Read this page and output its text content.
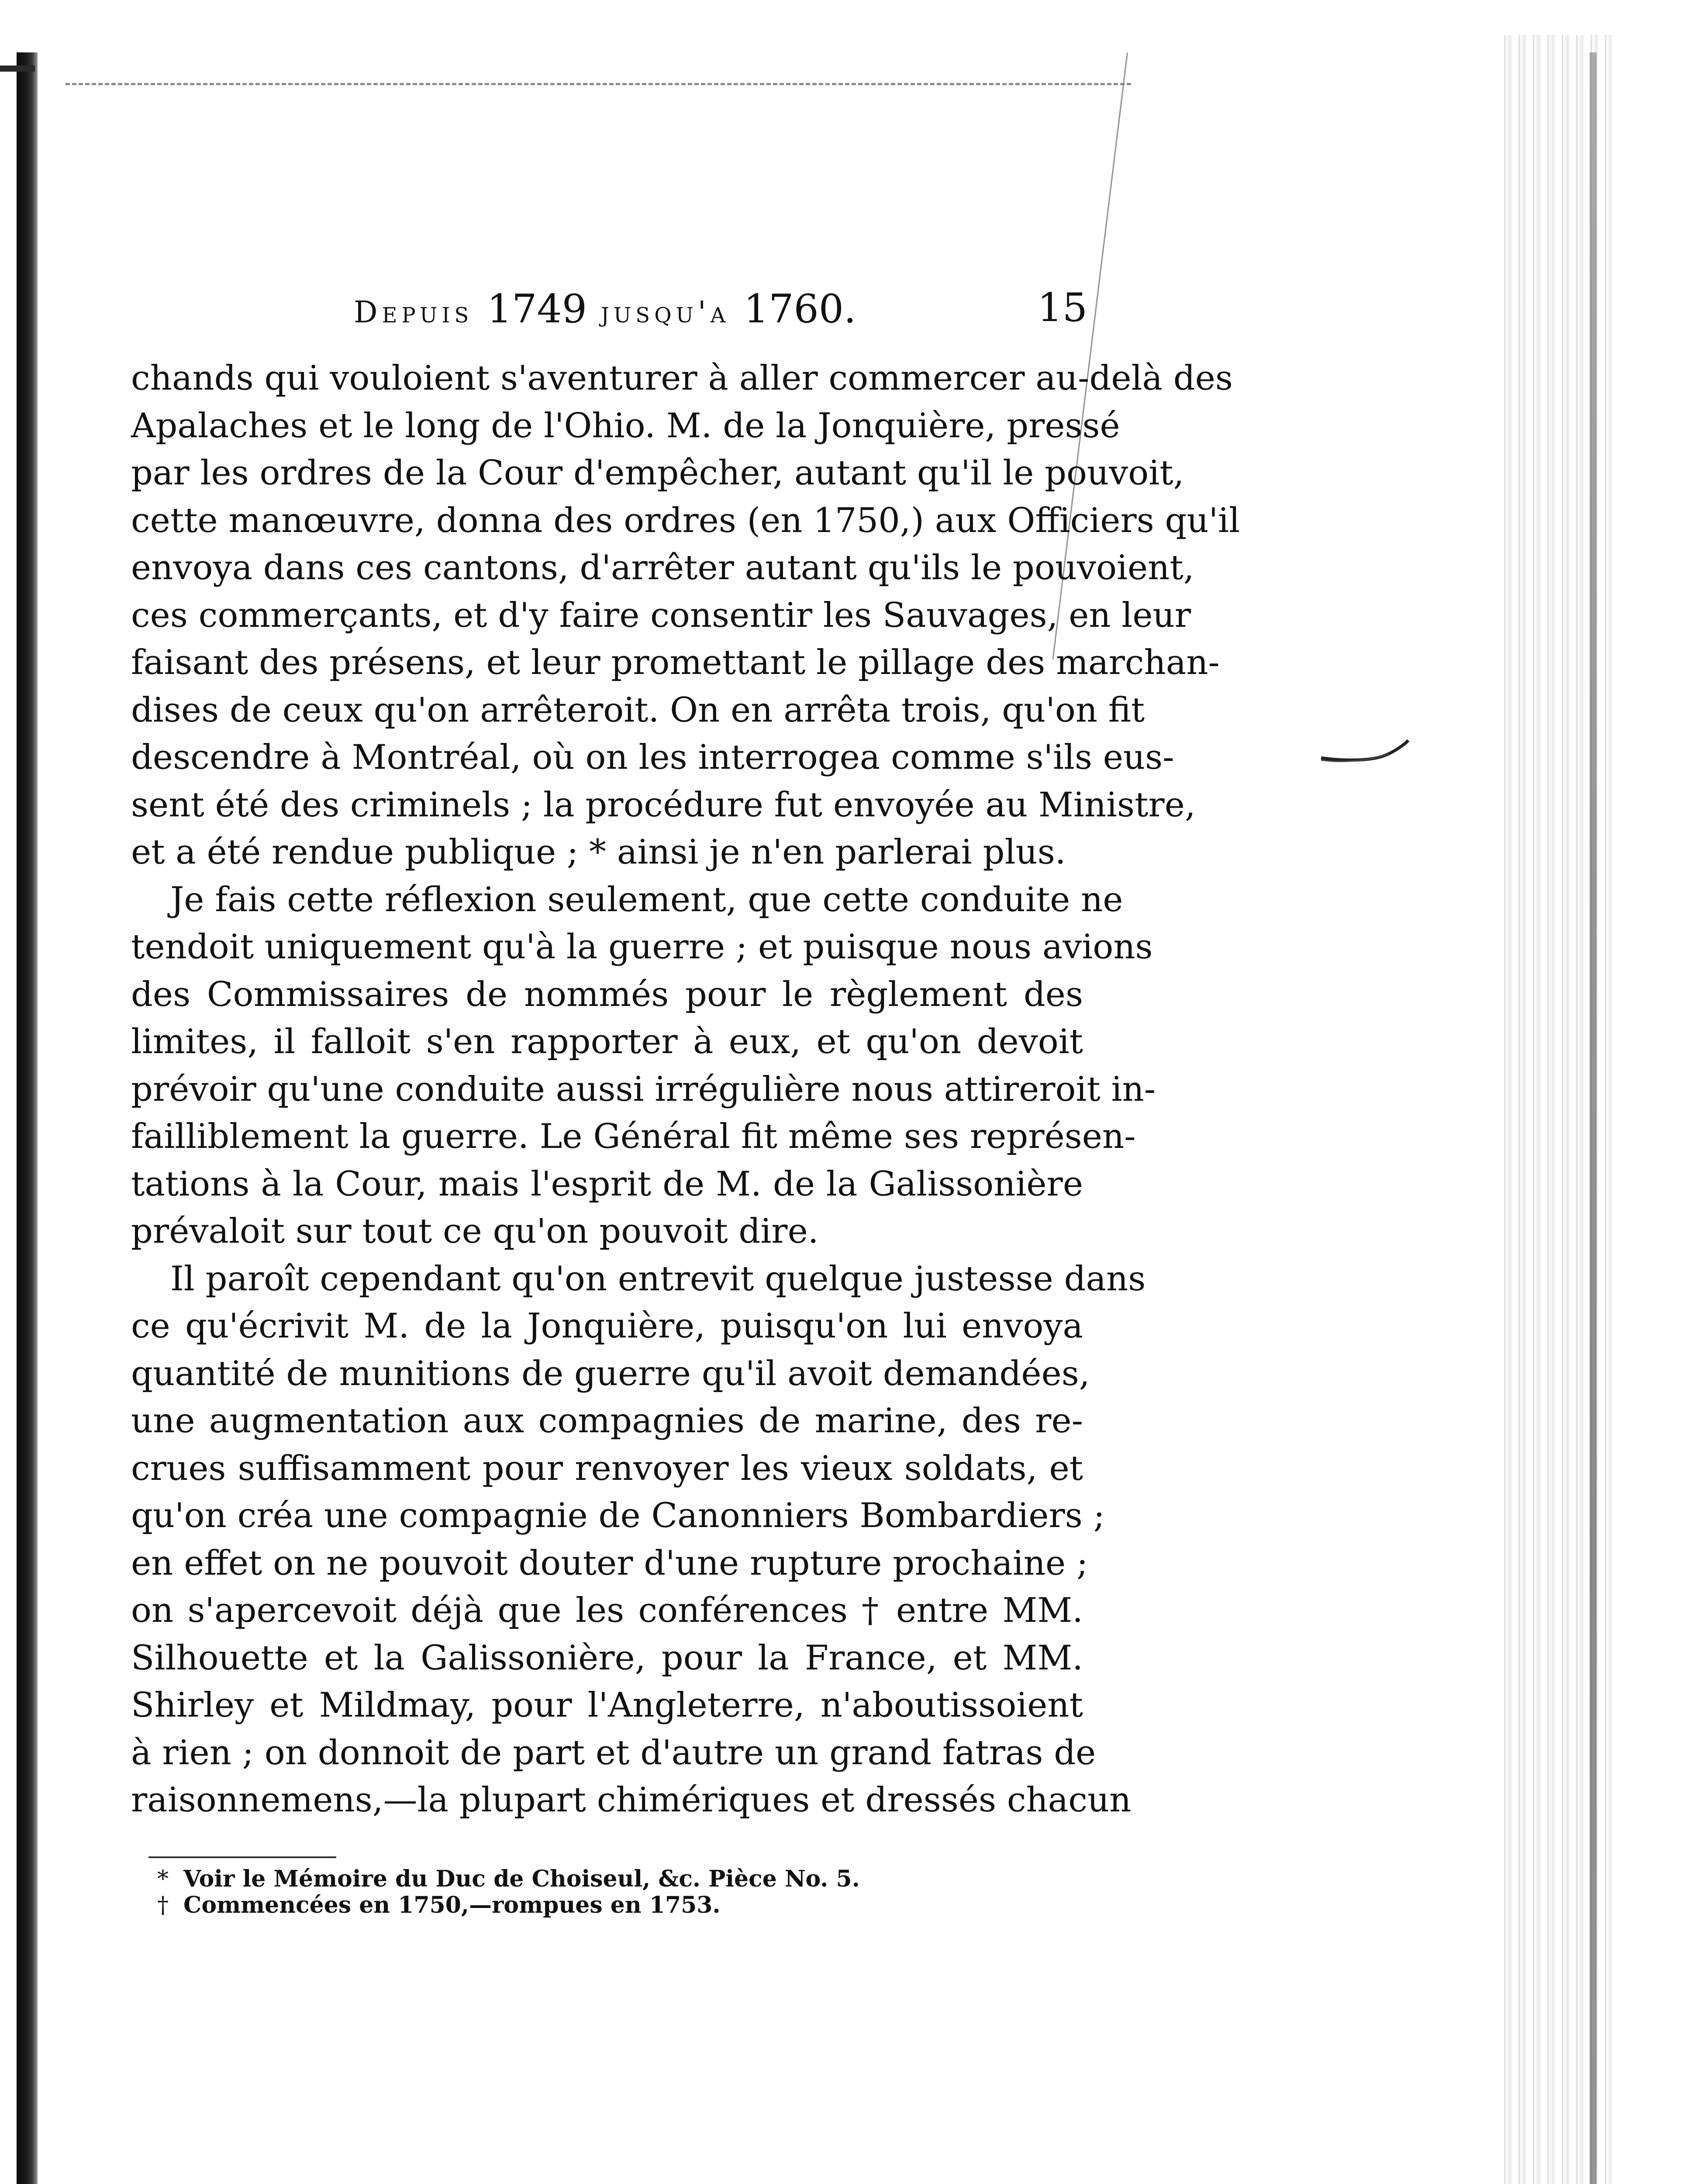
Depuis 1749 jusqu'a 1760.	15
chands qui vouloient s'aventurer à aller commercer au-delà des
Apalaches et le long de l'Ohio. M. de la Jonquière, pressé
par les ordres de la Cour d'empêcher, autant qu'il le pouvoit,
cette manœuvre, donna des ordres (en 1750,) aux Officiers qu'il
envoya dans ces cantons, d'arrêter autant qu'ils le pouvoient,
ces commerçants, et d'y faire consentir les Sauvages, en leur
faisant des présens, et leur promettant le pillage des marchan-
dises de ceux qu'on arrêteroit. On en arrêta trois, qu'on fit
descendre à Montréal, où on les interrogea comme s'ils eus-
sent été des criminels ; la procédure fut envoyée au Ministre,
et a été rendue publique ; * ainsi je n'en parlerai plus.
Je fais cette réflexion seulement, que cette conduite ne
tendoit uniquement qu'à la guerre ; et puisque nous avions
des Commissaires de nommés pour le règlement des
limites, il falloit s'en rapporter à eux, et qu'on devoit
prévoir qu'une conduite aussi irrégulière nous attireroit in-
failliblement la guerre. Le Général fit même ses représen-
tations à la Cour, mais l'esprit de M. de la Galissonière
prévaloit sur tout ce qu'on pouvoit dire.
Il paroît cependant qu'on entrevit quelque justesse dans
ce qu'écrivit M. de la Jonquière, puisqu'on lui envoya
quantité de munitions de guerre qu'il avoit demandées,
une augmentation aux compagnies de marine, des re-
crues suffisamment pour renvoyer les vieux soldats, et
qu'on créa une compagnie de Canonniers Bombardiers ;
en effet on ne pouvoit douter d'une rupture prochaine ;
on s'apercevoit déjà que les conférences † entre MM.
Silhouette et la Galissonière, pour la France, et MM.
Shirley et Mildmay, pour l'Angleterre, n'aboutissoient
à rien ; on donnoit de part et d'autre un grand fatras de
raisonnemens,—la plupart chimériques et dressés chacun
* Voir le Mémoire du Duc de Choiseul, &c. Pièce No. 5.
† Commencées en 1750,—rompues en 1753.
